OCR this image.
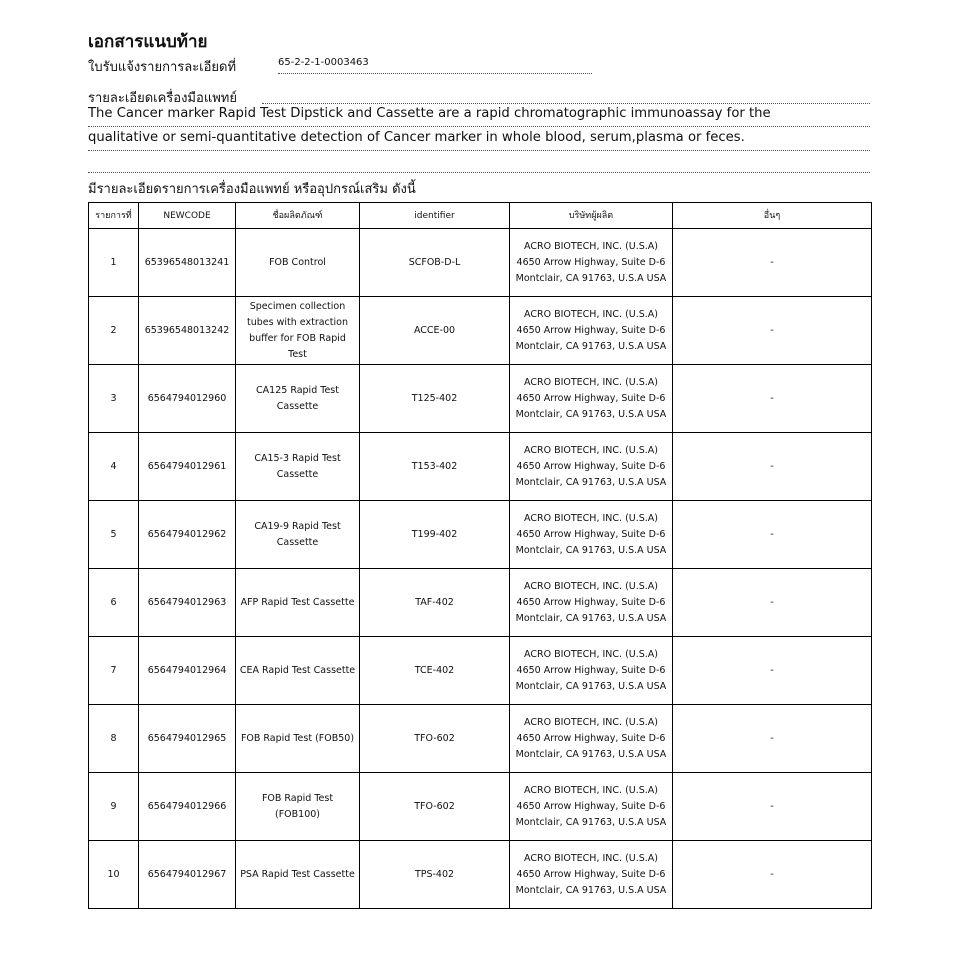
เอกสารแนบท้าย
ใบรับแจ้งรายการละเอียดที่	65-2-2-1-0003463
รายละเอียดเครื่องมือแพทย์
The Cancer marker Rapid Test Dipstick and Cassette are a rapid chromatographic immunoassay for the
qualitative or semi-quantitative detection of Cancer marker in whole blood, serum,plasma or feces.
มีรายละเอียดรายการเครื่องมือแพทย์ หรืออุปกรณ์เสริม ดังนี้
รายการที่	NEWCODE	ชื่อผลิตภัณฑ์	identifier	บริษัทผู้ผลิต	อื่นๆ
1	65396548013241	FOB Control	SCFOB-D-L	ACRO BIOTECH, INC. (U.S.A) 4650 Arrow Highway, Suite D-6 Montclair, CA 91763, U.S.A USA	-
2	65396548013242	Specimen collection tubes with extraction buffer for FOB Rapid Test	ACCE-00	ACRO BIOTECH, INC. (U.S.A) 4650 Arrow Highway, Suite D-6 Montclair, CA 91763, U.S.A USA	-
3	6564794012960	CA125 Rapid Test Cassette	T125-402	ACRO BIOTECH, INC. (U.S.A) 4650 Arrow Highway, Suite D-6 Montclair, CA 91763, U.S.A USA	-
4	6564794012961	CA15-3 Rapid Test Cassette	T153-402	ACRO BIOTECH, INC. (U.S.A) 4650 Arrow Highway, Suite D-6 Montclair, CA 91763, U.S.A USA	-
5	6564794012962	CA19-9 Rapid Test Cassette	T199-402	ACRO BIOTECH, INC. (U.S.A) 4650 Arrow Highway, Suite D-6 Montclair, CA 91763, U.S.A USA	-
6	6564794012963	AFP Rapid Test Cassette	TAF-402	ACRO BIOTECH, INC. (U.S.A) 4650 Arrow Highway, Suite D-6 Montclair, CA 91763, U.S.A USA	-
7	6564794012964	CEA Rapid Test Cassette	TCE-402	ACRO BIOTECH, INC. (U.S.A) 4650 Arrow Highway, Suite D-6 Montclair, CA 91763, U.S.A USA	-
8	6564794012965	FOB Rapid Test (FOB50)	TFO-602	ACRO BIOTECH, INC. (U.S.A) 4650 Arrow Highway, Suite D-6 Montclair, CA 91763, U.S.A USA	-
9	6564794012966	FOB Rapid Test (FOB100)	TFO-602	ACRO BIOTECH, INC. (U.S.A) 4650 Arrow Highway, Suite D-6 Montclair, CA 91763, U.S.A USA	-
10	6564794012967	PSA Rapid Test Cassette	TPS-402	ACRO BIOTECH, INC. (U.S.A) 4650 Arrow Highway, Suite D-6 Montclair, CA 91763, U.S.A USA	-
